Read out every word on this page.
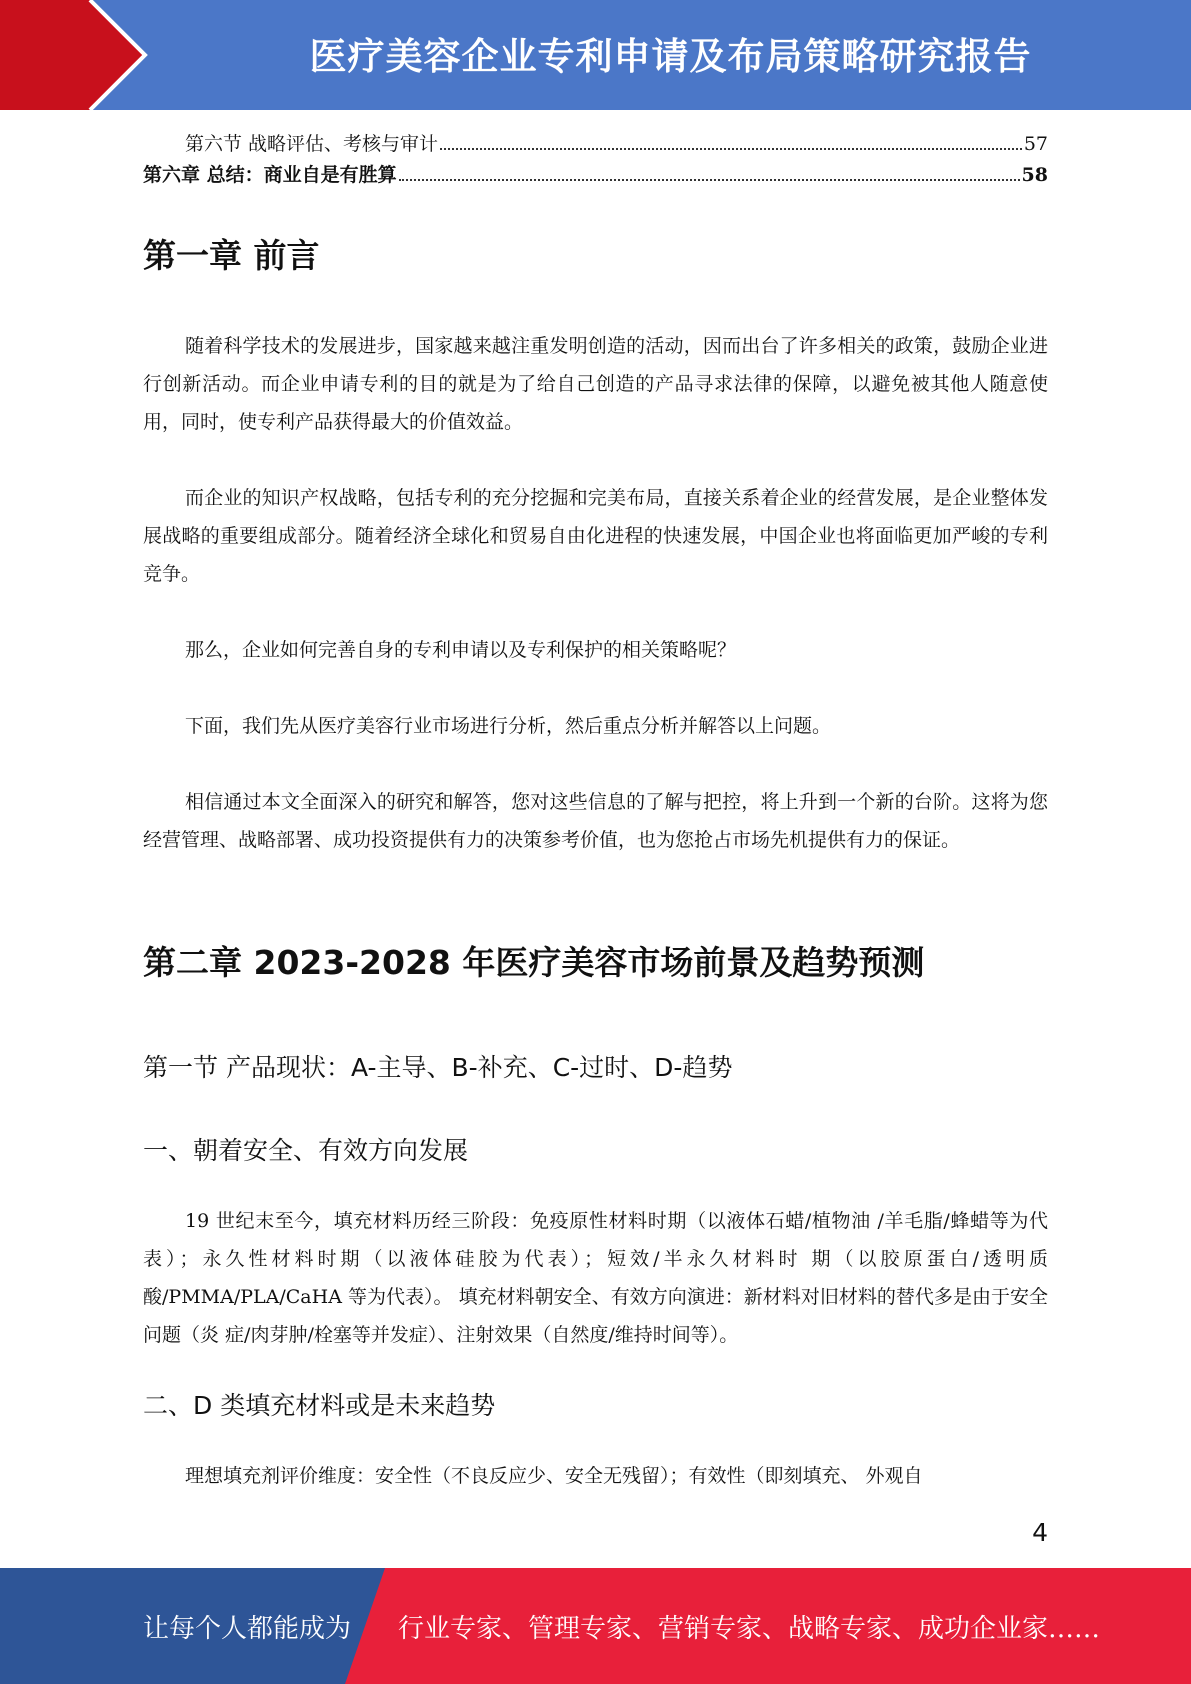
医疗美容企业专利申请及布局策略研究报告
第六节 战略评估、考核与审计	57
第六章 总结：商业自是有胜算	58
第一章 前言

随着科学技术的发展进步，国家越来越注重发明创造的活动，因而出台了许多相关的政策，鼓励企业进行创新活动。而企业申请专利的目的就是为了给自己创造的产品寻求法律的保障，以避免被其他人随意使用，同时，使专利产品获得最大的价值效益。

而企业的知识产权战略，包括专利的充分挖掘和完美布局，直接关系着企业的经营发展，是企业整体发展战略的重要组成部分。随着经济全球化和贸易自由化进程的快速发展，中国企业也将面临更加严峻的专利竞争。

那么，企业如何完善自身的专利申请以及专利保护的相关策略呢？

下面，我们先从医疗美容行业市场进行分析，然后重点分析并解答以上问题。

相信通过本文全面深入的研究和解答，您对这些信息的了解与把控，将上升到一个新的台阶。这将为您经营管理、战略部署、成功投资提供有力的决策参考价值，也为您抢占市场先机提供有力的保证。

第二章 2023-2028 年医疗美容市场前景及趋势预测
第一节 产品现状：A-主导、B-补充、C-过时、D-趋势
一、朝着安全、有效方向发展

19 世纪末至今，填充材料历经三阶段：免疫原性材料时期（以液体石蜡/植物油 /羊毛脂/蜂蜡等为代表）；永久性材料时期（以液体硅胶为代表）；短效/半永久材料时 期（以胶原蛋白/透明质酸/PMMA/PLA/CaHA 等为代表）。 填充材料朝安全、有效方向演进：新材料对旧材料的替代多是由于安全问题（炎 症/肉芽肿/栓塞等并发症）、注射效果（自然度/维持时间等）。

二、D 类填充材料或是未来趋势

理想填充剂评价维度：安全性（不良反应少、安全无残留）；有效性（即刻填充、 外观自

4
让每个人都能成为 行业专家、管理专家、营销专家、战略专家、成功企业家……
